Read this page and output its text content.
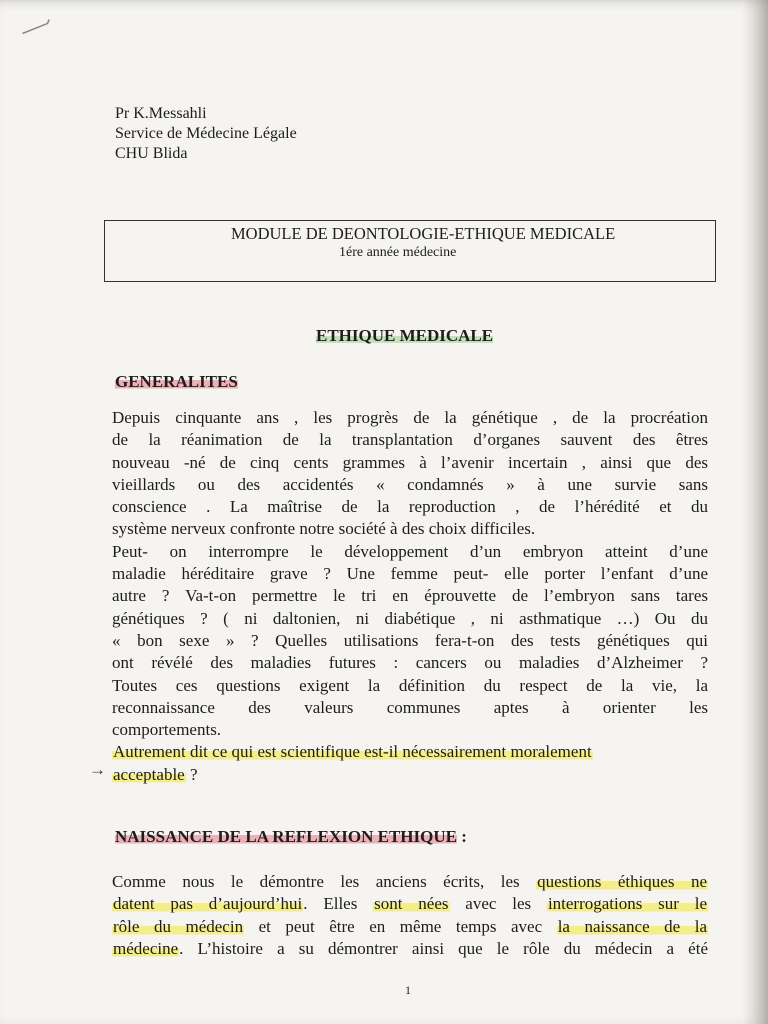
Pr K.Messahli
Service de Médecine Légale
CHU Blida
MODULE DE DEONTOLOGIE-ETHIQUE MEDICALE
1ére année médecine
ETHIQUE MEDICALE
GENERALITES
Depuis cinquante ans , les progrès de la génétique , de la procréation
de la réanimation de la transplantation d’organes sauvent des êtres
nouveau -né de cinq cents grammes à l’avenir incertain , ainsi que des
vieillards ou des accidentés « condamnés » à une survie sans
conscience . La maîtrise de la reproduction , de l’hérédité et du
système nerveux confronte notre société à des choix difficiles.
Peut- on interrompre le développement d’un embryon atteint d’une
maladie héréditaire grave ? Une femme peut- elle porter l’enfant d’une
autre ? Va-t-on permettre le tri en éprouvette de l’embryon sans tares
génétiques ? ( ni daltonien, ni diabétique , ni asthmatique …) Ou du
« bon sexe » ? Quelles utilisations fera-t-on des tests génétiques qui
ont révélé des maladies futures : cancers ou maladies d’Alzheimer ?
Toutes ces questions exigent la définition du respect de la vie, la
reconnaissance des valeurs communes aptes à orienter les
comportements.
Autrement dit ce qui est scientifique est-il nécessairement moralement
acceptable ?
→
NAISSANCE DE LA REFLEXION ETHIQUE :
Comme nous le démontre les anciens écrits, les questions éthiques ne
datent pas d’aujourd’hui. Elles sont nées avec les interrogations sur le
rôle du médecin et peut être en même temps avec la naissance de la
médecine. L’histoire a su démontrer ainsi que le rôle du médecin a été
1
